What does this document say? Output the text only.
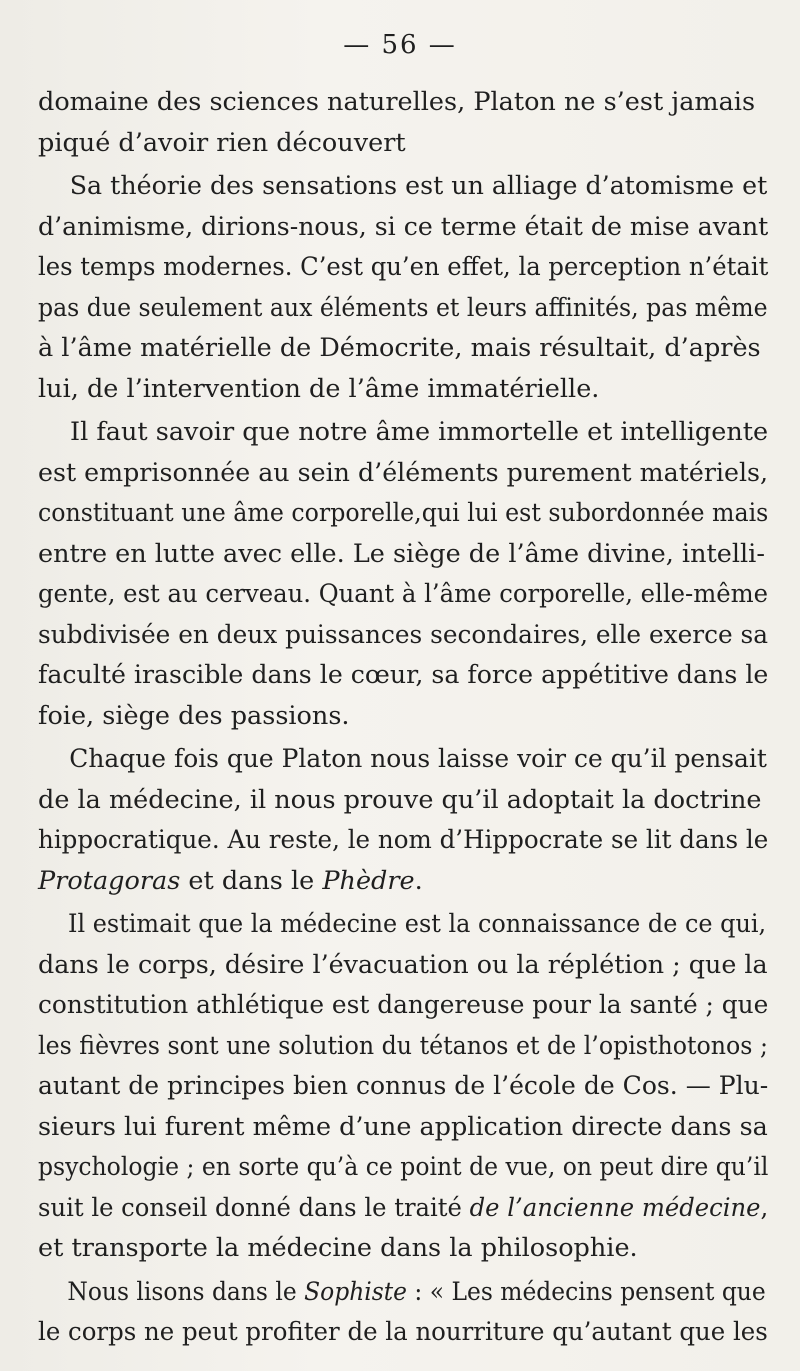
— 56 —

domaine des sciences naturelles, Platon ne s’est jamais
piqué d’avoir rien découvert

Sa théorie des sensations est un alliage d’atomisme et
d’animisme, dirions-nous, si ce terme était de mise avant
les temps modernes. C’est qu’en effet, la perception n’était
pas due seulement aux éléments et leurs affinités, pas même
à l’âme matérielle de Démocrite, mais résultait, d’après
lui, de l’intervention de l’âme immatérielle.

Il faut savoir que notre âme immortelle et intelligente
est emprisonnée au sein d’éléments purement matériels,
constituant une âme corporelle,qui lui est subordonnée mais
entre en lutte avec elle. Le siège de l’âme divine, intelli-
gente, est au cerveau. Quant à l’âme corporelle, elle-même
subdivisée en deux puissances secondaires, elle exerce sa
faculté irascible dans le cœur, sa force appétitive dans le
foie, siège des passions.

Chaque fois que Platon nous laisse voir ce qu’il pensait
de la médecine, il nous prouve qu’il adoptait la doctrine
hippocratique. Au reste, le nom d’Hippocrate se lit dans le
Protagoras et dans le Phèdre.

Il estimait que la médecine est la connaissance de ce qui,
dans le corps, désire l’évacuation ou la réplétion ; que la
constitution athlétique est dangereuse pour la santé ; que
les fièvres sont une solution du tétanos et de l’opisthotonos ;
autant de principes bien connus de l’école de Cos. — Plu-
sieurs lui furent même d’une application directe dans sa
psychologie ; en sorte qu’à ce point de vue, on peut dire qu’il
suit le conseil donné dans le traité de l’ancienne médecine,
et transporte la médecine dans la philosophie.

Nous lisons dans le Sophiste : « Les médecins pensent que
le corps ne peut profiter de la nourriture qu’autant que les
